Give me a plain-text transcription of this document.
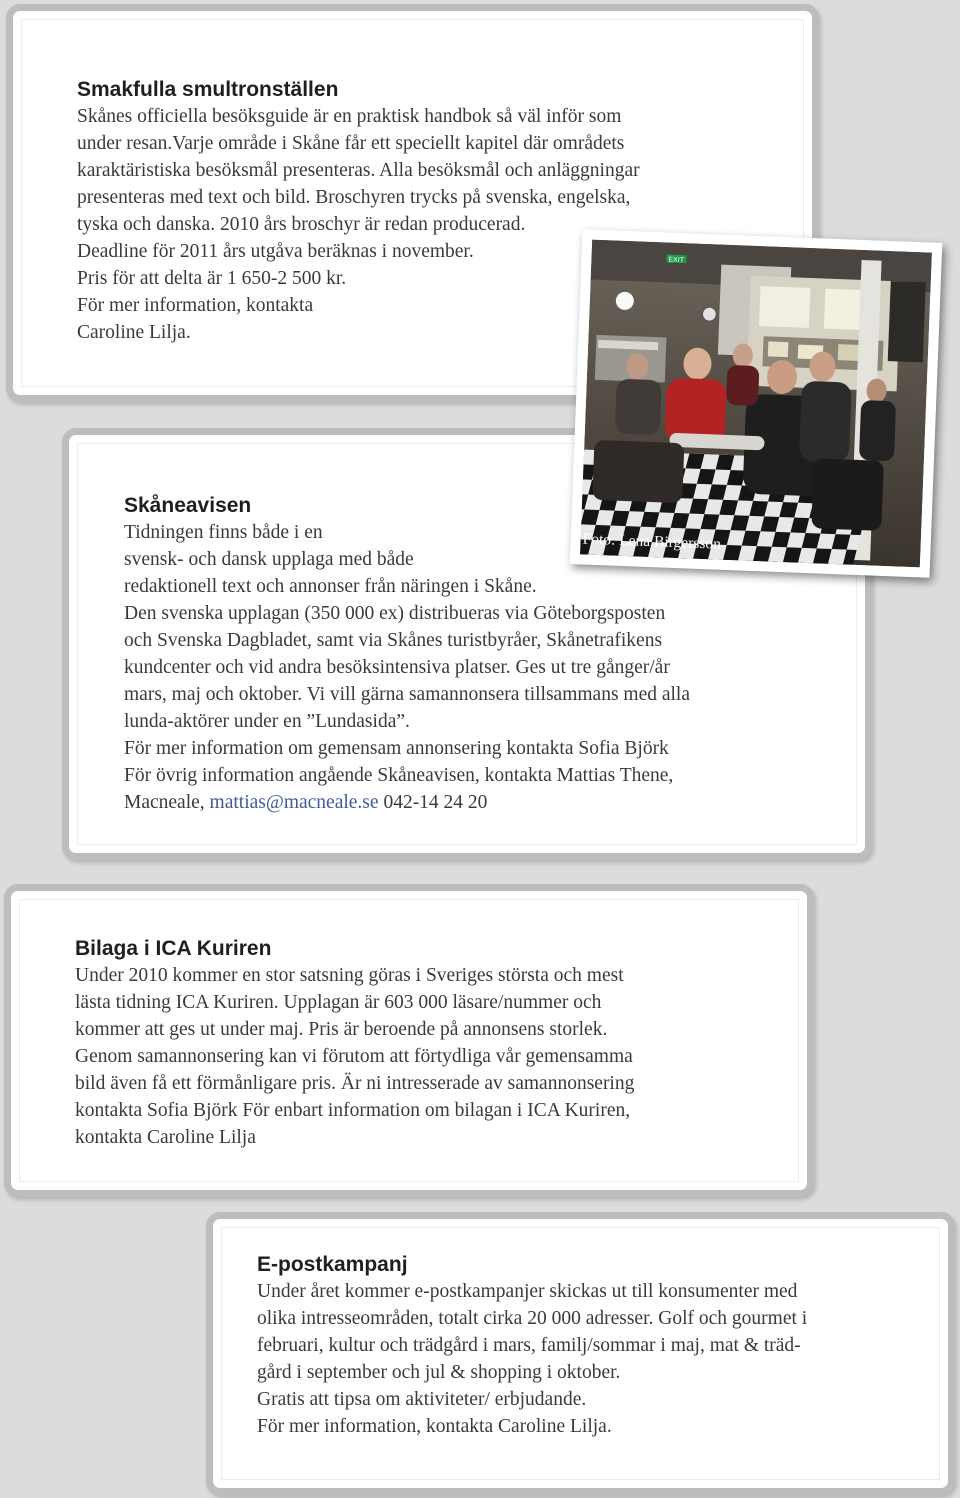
Smakfulla smultronställen

Skånes officiella besöksguide är en praktisk handbok så väl inför som
under resan.Varje område i Skåne får ett speciellt kapitel där områdets
karaktäristiska besöksmål presenteras. Alla besöksmål och anläggningar
presenteras med text och bild. Broschyren trycks på svenska, engelska,
tyska och danska. 2010 års broschyr är redan producerad.
Deadline för 2011 års utgåva beräknas i november.
Pris för att delta är 1 650-2 500 kr.
För mer information, kontakta
Caroline Lilja.

Skåneavisen

Tidningen finns både i en
svensk- och dansk upplaga med både
redaktionell text och annonser från näringen i Skåne.
Den svenska upplagan (350 000 ex) distribueras via Göteborgsposten
och Svenska Dagbladet, samt via Skånes turistbyråer, Skånetrafikens
kundcenter och vid andra besöksintensiva platser. Ges ut tre gånger/år
mars, maj och oktober. Vi vill gärna samannonsera tillsammans med alla
lunda-aktörer under en ”Lundasida”.
För mer information om gemensam annonsering kontakta Sofia Björk
För övrig information angående Skåneavisen, kontakta Mattias Thene,
Macneale, mattias@macneale.se 042-14 24 20

EXIT
Foto: Lena Birgersson
Bilaga i ICA Kuriren

Under 2010 kommer en stor satsning göras i Sveriges största och mest
lästa tidning ICA Kuriren. Upplagan är 603 000 läsare/nummer och
kommer att ges ut under maj. Pris är beroende på annonsens storlek.
Genom samannonsering kan vi förutom att förtydliga vår gemensamma
bild även få ett förmånligare pris. Är ni intresserade av samannonsering
kontakta Sofia Björk För enbart information om bilagan i ICA Kuriren,
kontakta Caroline Lilja

E-postkampanj

Under året kommer e-postkampanjer skickas ut till konsumenter med
olika intresseområden, totalt cirka 20 000 adresser. Golf och gourmet i
februari, kultur och trädgård i mars, familj/sommar i maj, mat & träd-
gård i september och jul & shopping i oktober.
Gratis att tipsa om aktiviteter/ erbjudande.
För mer information, kontakta Caroline Lilja.
